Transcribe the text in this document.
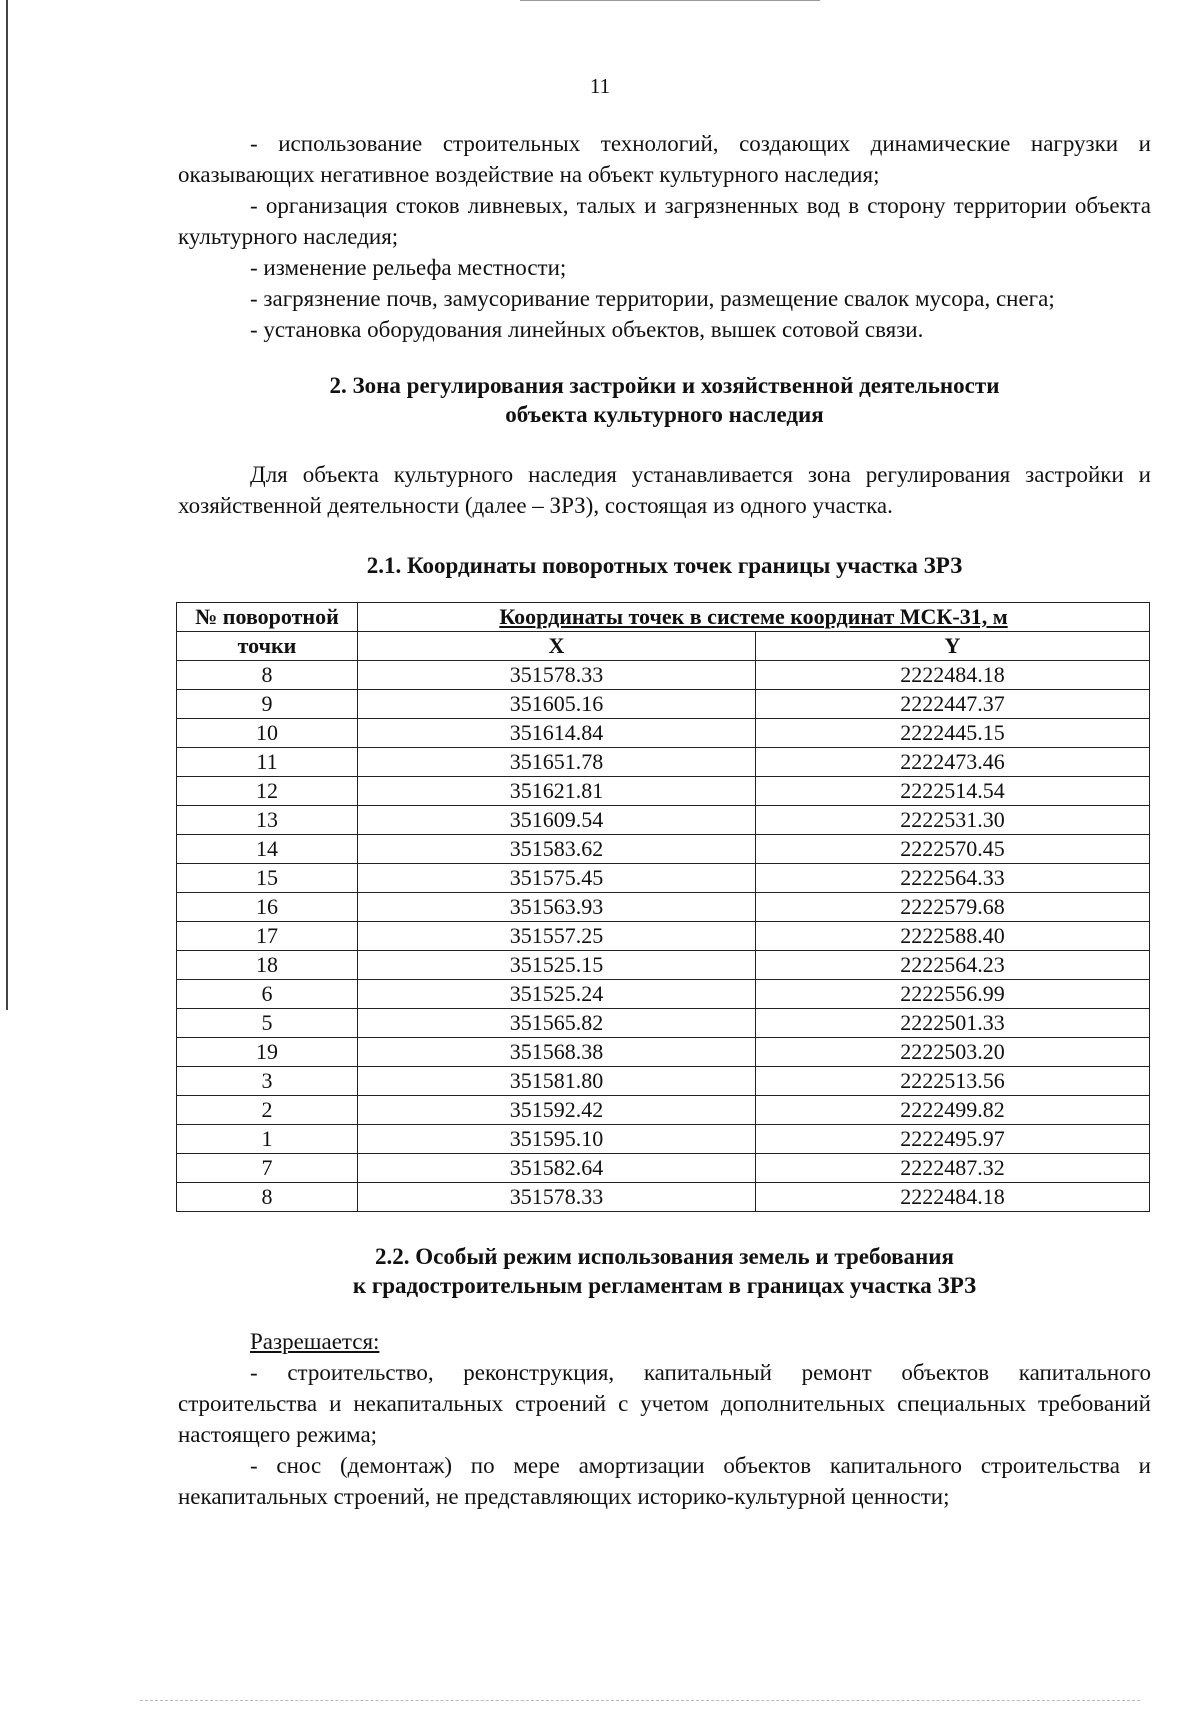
11

- использование строительных технологий, создающих динамические нагрузки и оказывающих негативное воздействие на объект культурного наследия;

- организация стоков ливневых, талых и загрязненных вод в сторону территории объекта культурного наследия;

- изменение рельефа местности;

- загрязнение почв, замусоривание территории, размещение свалок мусора, снега;

- установка оборудования линейных объектов, вышек сотовой связи.

2. Зона регулирования застройки и хозяйственной деятельности

объекта культурного наследия

Для объекта культурного наследия устанавливается зона регулирования застройки и хозяйственной деятельности (далее – ЗРЗ), состоящая из одного участка.

2.1. Координаты поворотных точек границы участка ЗРЗ

№ поворотной	Координаты точек в системе координат МСК-31, м	
точки	X	Y
8	351578.33	2222484.18
9	351605.16	2222447.37
10	351614.84	2222445.15
11	351651.78	2222473.46
12	351621.81	2222514.54
13	351609.54	2222531.30
14	351583.62	2222570.45
15	351575.45	2222564.33
16	351563.93	2222579.68
17	351557.25	2222588.40
18	351525.15	2222564.23
6	351525.24	2222556.99
5	351565.82	2222501.33
19	351568.38	2222503.20
3	351581.80	2222513.56
2	351592.42	2222499.82
1	351595.10	2222495.97
7	351582.64	2222487.32
8	351578.33	2222484.18

2.2. Особый режим использования земель и требования

к градостроительным регламентам в границах участка ЗРЗ

Разрешается:

- строительство, реконструкция, капитальный ремонт объектов капитального строительства и некапитальных строений с учетом дополнительных специальных требований настоящего режима;

- снос (демонтаж) по мере амортизации объектов капитального строительства и некапитальных строений, не представляющих историко-культурной ценности;
